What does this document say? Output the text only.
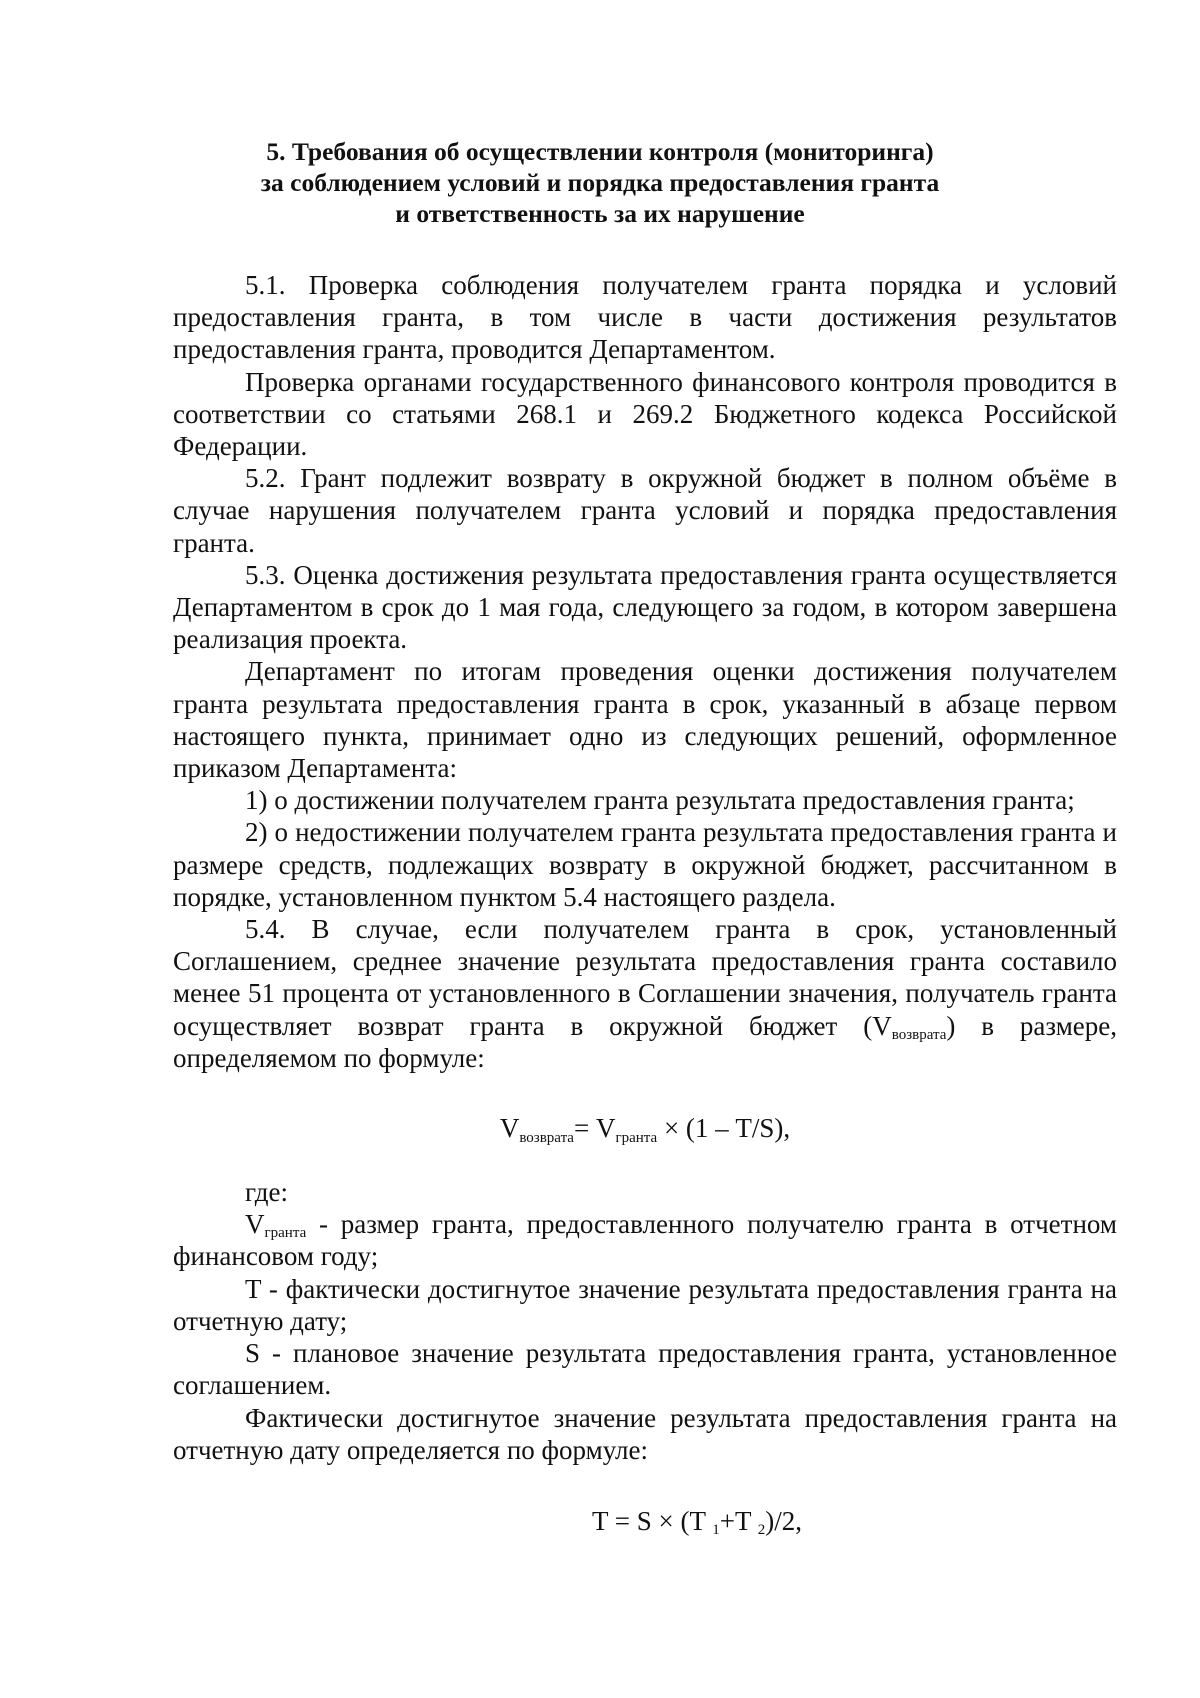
5. Требования об осуществлении контроля (мониторинга)
за соблюдением условий и порядка предоставления гранта
и ответственность за их нарушение

5.1. Проверка соблюдения получателем гранта порядка и условий предоставления гранта, в том числе в части достижения результатов предоставления гранта, проводится Департаментом.

Проверка органами государственного финансового контроля проводится в соответствии со статьями 268.1 и 269.2 Бюджетного кодекса Российской Федерации.

5.2. Грант подлежит возврату в окружной бюджет в полном объёме в случае нарушения получателем гранта условий и порядка предоставления гранта.

5.3. Оценка достижения результата предоставления гранта осуществляется Департаментом в срок до 1 мая года, следующего за годом, в котором завершена реализация проекта.

Департамент по итогам проведения оценки достижения получателем гранта результата предоставления гранта в срок, указанный в абзаце первом настоящего пункта, принимает одно из следующих решений, оформленное приказом Департамента:

1) о достижении получателем гранта результата предоставления гранта;

2) о недостижении получателем гранта результата предоставления гранта и размере средств, подлежащих возврату в окружной бюджет, рассчитанном в порядке, установленном пунктом 5.4 настоящего раздела.

5.4. В случае, если получателем гранта в срок, установленный Соглашением, среднее значение результата предоставления гранта составило менее 51 процента от установленного в Соглашении значения, получатель гранта осуществляет возврат гранта в окружной бюджет $(V_{возврата})$ в размере, определяемом по формуле:

Vвозврата= Vгранта × (1 – T/S),

где:

$V_{гранта}$ - размер гранта, предоставленного получателю гранта в отчетном финансовом году;

T - фактически достигнутое значение результата предоставления гранта на отчетную дату;

S - плановое значение результата предоставления гранта, установленное соглашением.

Фактически достигнутое значение результата предоставления гранта на отчетную дату определяется по формуле:

T = S × (T $_1$+T $_2$)/2,
